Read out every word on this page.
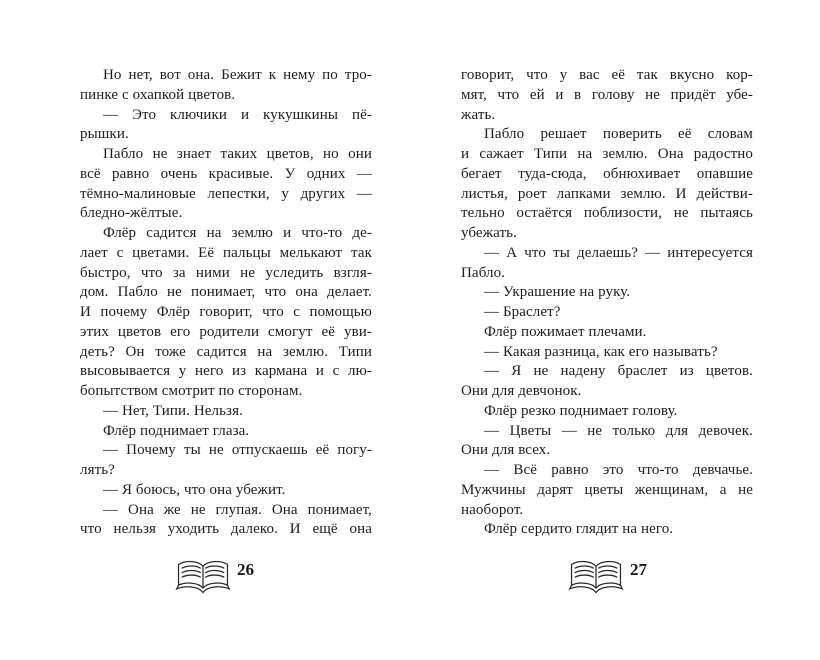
Но нет, вот она. Бежит к нему по тро-
пинке с охапкой цветов.
— Это ключики и кукушкины пё-
рышки.
Пабло не знает таких цветов, но они
всё равно очень красивые. У одних —
тёмно-малиновые лепестки, у других —
бледно-жёлтые.
Флёр садится на землю и что-то де-
лает с цветами. Её пальцы мелькают так
быстро, что за ними не уследить взгля-
дом. Пабло не понимает, что она делает.
И почему Флёр говорит, что с помощью
этих цветов его родители смогут её уви-
деть? Он тоже садится на землю. Типи
высовывается у него из кармана и с лю-
бопытством смотрит по сторонам.
— Нет, Типи. Нельзя.
Флёр поднимает глаза.
— Почему ты не отпускаешь её погу-
лять?
— Я боюсь, что она убежит.
— Она же не глупая. Она понимает,
что нельзя уходить далеко. И ещё она
говорит, что у вас её так вкусно кор-
мят, что ей и в голову не придёт убе-
жать.
Пабло решает поверить её словам
и сажает Типи на землю. Она радостно
бегает туда-сюда, обнюхивает опавшие
листья, роет лапками землю. И действи-
тельно остаётся поблизости, не пытаясь
убежать.
— А что ты делаешь? — интересуется
Пабло.
— Украшение на руку.
— Браслет?
Флёр пожимает плечами.
— Какая разница, как его называть?
— Я не надену браслет из цветов.
Они для девчонок.
Флёр резко поднимает голову.
— Цветы — не только для девочек.
Они для всех.
— Всё равно это что-то девчачье.
Мужчины дарят цветы женщинам, а не
наоборот.
Флёр сердито глядит на него.
26	27
